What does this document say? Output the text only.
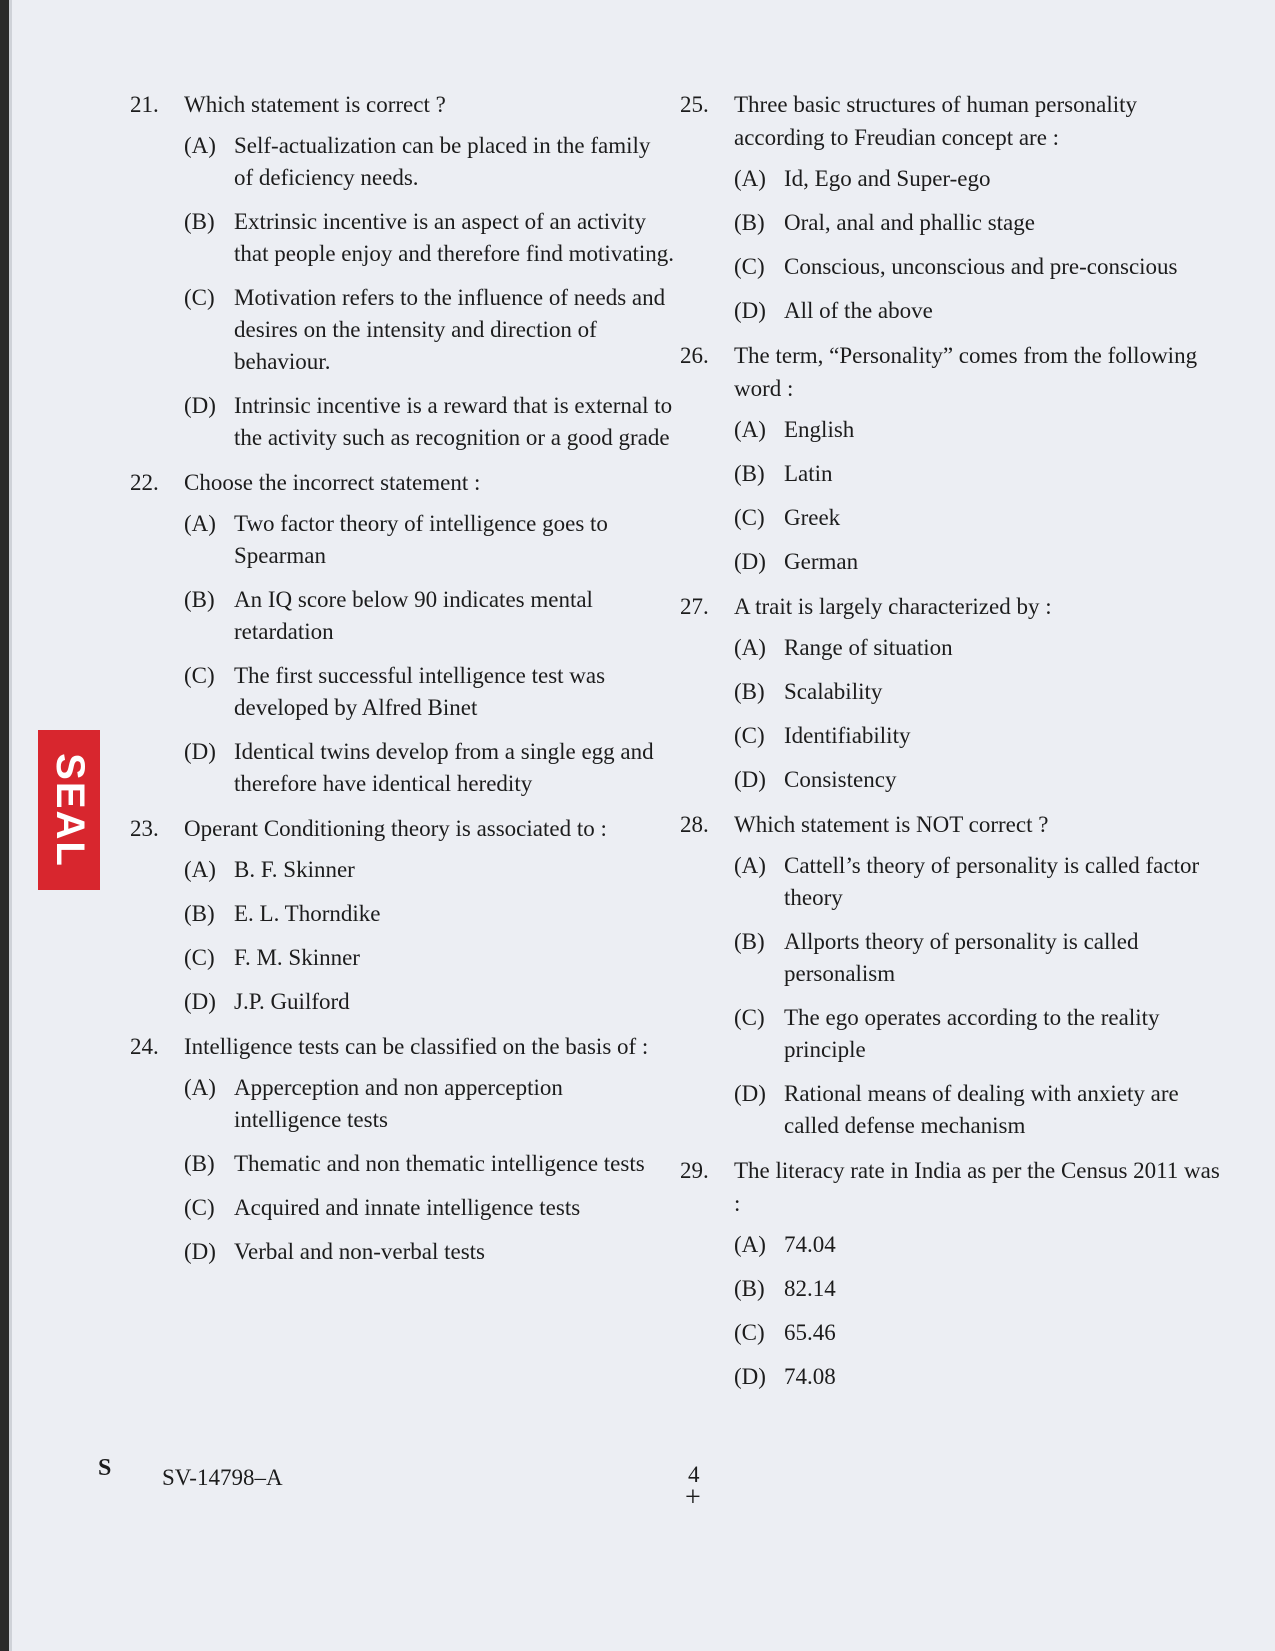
SEAL
21.	Which statement is correct ?
(A) Self-actualization can be placed in the family of deficiency needs.
(B) Extrinsic incentive is an aspect of an activity that people enjoy and therefore find motivating.
(C) Motivation refers to the influence of needs and desires on the intensity and direction of behaviour.
(D) Intrinsic incentive is a reward that is external to the activity such as recognition or a good grade
22.	Choose the incorrect statement :
(A) Two factor theory of intelligence goes to Spearman
(B) An IQ score below 90 indicates mental retardation
(C) The first successful intelligence test was developed by Alfred Binet
(D) Identical twins develop from a single egg and therefore have identical heredity
23.	Operant Conditioning theory is associated to :
(A) B. F. Skinner
(B) E. L. Thorndike
(C) F. M. Skinner
(D) J.P. Guilford
24.	Intelligence tests can be classified on the basis of :
(A) Apperception and non apperception intelligence tests
(B) Thematic and non thematic intelligence tests
(C) Acquired and innate intelligence tests
(D) Verbal and non-verbal tests
25.	Three basic structures of human personality according to Freudian concept are :
(A) Id, Ego and Super-ego
(B) Oral, anal and phallic stage
(C) Conscious, unconscious and pre-conscious
(D) All of the above
26.	The term, “Personality” comes from the following word :
(A) English
(B) Latin
(C) Greek
(D) German
27.	A trait is largely characterized by :
(A) Range of situation
(B) Scalability
(C) Identifiability
(D) Consistency
28.	Which statement is NOT correct ?
(A) Cattell’s theory of personality is called factor theory
(B) Allports theory of personality is called personalism
(C) The ego operates according to the reality principle
(D) Rational means of dealing with anxiety are called defense mechanism
29.	The literacy rate in India as per the Census 2011 was :
(A) 74.04
(B) 82.14
(C) 65.46
(D) 74.08
S SV-14798–A	4
+
